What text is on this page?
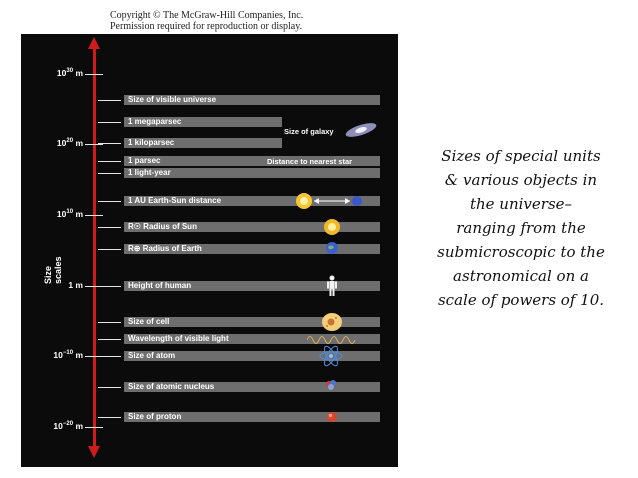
Copyright © The McGraw-Hill Companies, Inc.
Permission required for reproduction or display.
Size scales
$10^{30}$ m
$10^{20}$ m
$10^{10}$ m
1 m
$10^{-10}$ m
$10^{-20}$ m
Size of visible universe
1 megaparsec
1 kiloparsec
1 parsec
1 light-year
1 AU Earth-Sun distance
R☉ Radius of Sun
R⊕ Radius of Earth
Height of human
Size of cell
Wavelength of visible light
Size of atom
Size of atomic nucleus
Size of proton
Size of galaxy
Distance to nearest star	Sizes of special units
& various objects in
the universe–
ranging from the
submicroscopic to the
astronomical on a
scale of powers of 10.
